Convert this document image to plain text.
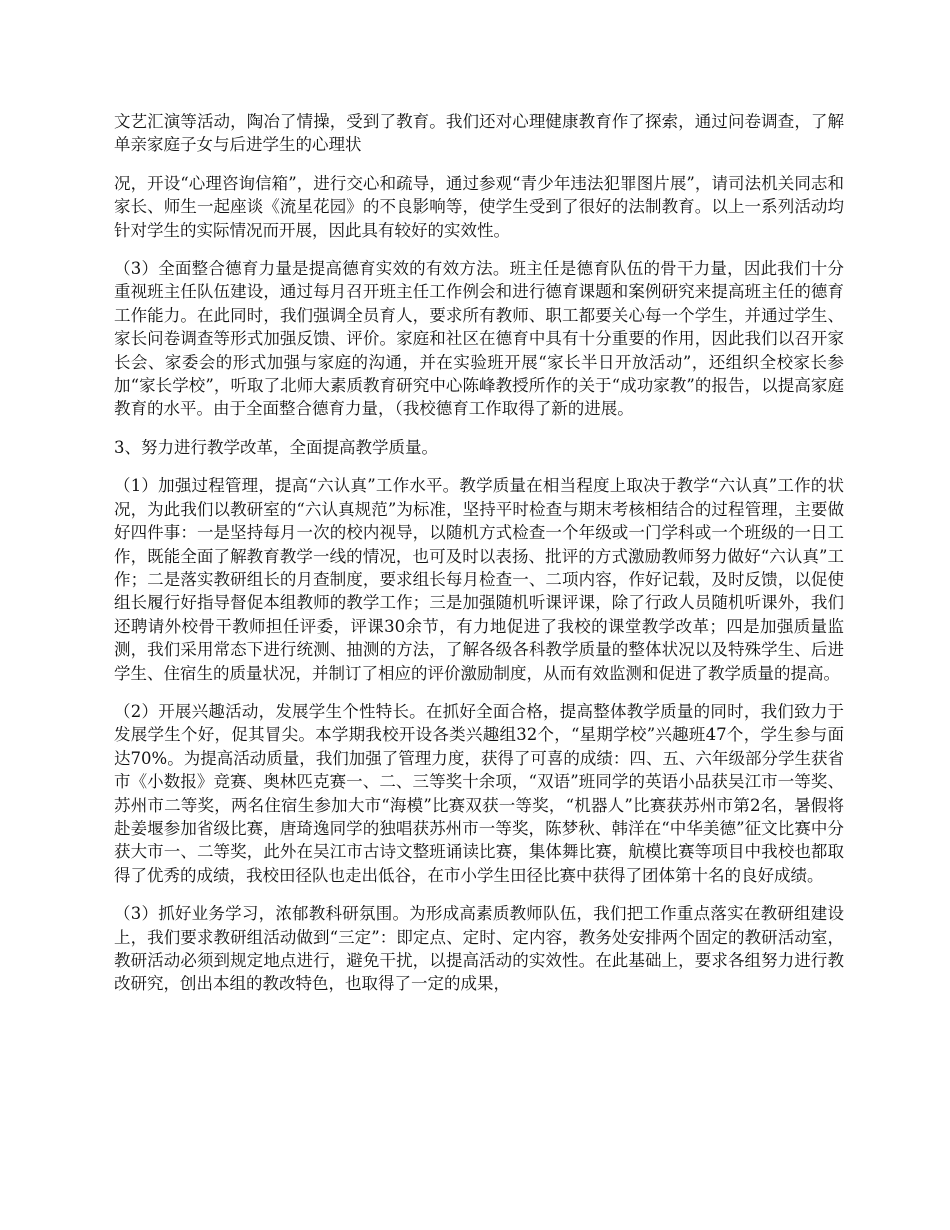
文艺汇演等活动，陶冶了情操，受到了教育。我们还对心理健康教育作了探索，通过问卷调查，了解单亲家庭子女与后进学生的心理状

况，开设“心理咨询信箱”，进行交心和疏导，通过参观“青少年违法犯罪图片展”，请司法机关同志和家长、师生一起座谈《流星花园》的不良影响等，使学生受到了很好的法制教育。以上一系列活动均针对学生的实际情况而开展，因此具有较好的实效性。

（3）全面整合德育力量是提高德育实效的有效方法。班主任是德育队伍的骨干力量，因此我们十分重视班主任队伍建设，通过每月召开班主任工作例会和进行德育课题和案例研究来提高班主任的德育工作能力。在此同时，我们强调全员育人，要求所有教师、职工都要关心每一个学生，并通过学生、家长问卷调查等形式加强反馈、评价。家庭和社区在德育中具有十分重要的作用，因此我们以召开家长会、家委会的形式加强与家庭的沟通，并在实验班开展“家长半日开放活动”，还组织全校家长参加“家长学校”，听取了北师大素质教育研究中心陈峰教授所作的关于“成功家教”的报告，以提高家庭教育的水平。由于全面整合德育力量，（我校德育工作取得了新的进展。

3、努力进行教学改革，全面提高教学质量。

（1）加强过程管理，提高“六认真”工作水平。教学质量在相当程度上取决于教学“六认真”工作的状况，为此我们以教研室的“六认真规范”为标准，坚持平时检查与期末考核相结合的过程管理，主要做好四件事：一是坚持每月一次的校内视导，以随机方式检查一个年级或一门学科或一个班级的一日工作，既能全面了解教育教学一线的情况，也可及时以表扬、批评的方式激励教师努力做好“六认真”工作；二是落实教研组长的月查制度，要求组长每月检查一、二项内容，作好记载，及时反馈，以促使组长履行好指导督促本组教师的教学工作；三是加强随机听课评课，除了行政人员随机听课外，我们还聘请外校骨干教师担任评委，评课30余节，有力地促进了我校的课堂教学改革；四是加强质量监测，我们采用常态下进行统测、抽测的方法，了解各级各科教学质量的整体状况以及特殊学生、后进学生、住宿生的质量状况，并制订了相应的评价激励制度，从而有效监测和促进了教学质量的提高。

（2）开展兴趣活动，发展学生个性特长。在抓好全面合格，提高整体教学质量的同时，我们致力于发展学生个好，促其冒尖。本学期我校开设各类兴趣组32个，“星期学校”兴趣班47个，学生参与面达70%。为提高活动质量，我们加强了管理力度，获得了可喜的成绩：四、五、六年级部分学生获省市《小数报》竞赛、奥林匹克赛一、二、三等奖十余项，“双语”班同学的英语小品获吴江市一等奖、苏州市二等奖，两名住宿生参加大市“海模”比赛双获一等奖，“机器人”比赛获苏州市第2名，暑假将赴姜堰参加省级比赛，唐琦逸同学的独唱获苏州市一等奖，陈梦秋、韩洋在“中华美德”征文比赛中分获大市一、二等奖，此外在吴江市古诗文整班诵读比赛，集体舞比赛，航模比赛等项目中我校也都取得了优秀的成绩，我校田径队也走出低谷，在市小学生田径比赛中获得了团体第十名的良好成绩。

（3）抓好业务学习，浓郁教科研氛围。为形成高素质教师队伍，我们把工作重点落实在教研组建设上，我们要求教研组活动做到“三定”：即定点、定时、定内容，教务处安排两个固定的教研活动室，教研活动必须到规定地点进行，避免干扰，以提高活动的实效性。在此基础上，要求各组努力进行教改研究，创出本组的教改特色，也取得了一定的成果，
